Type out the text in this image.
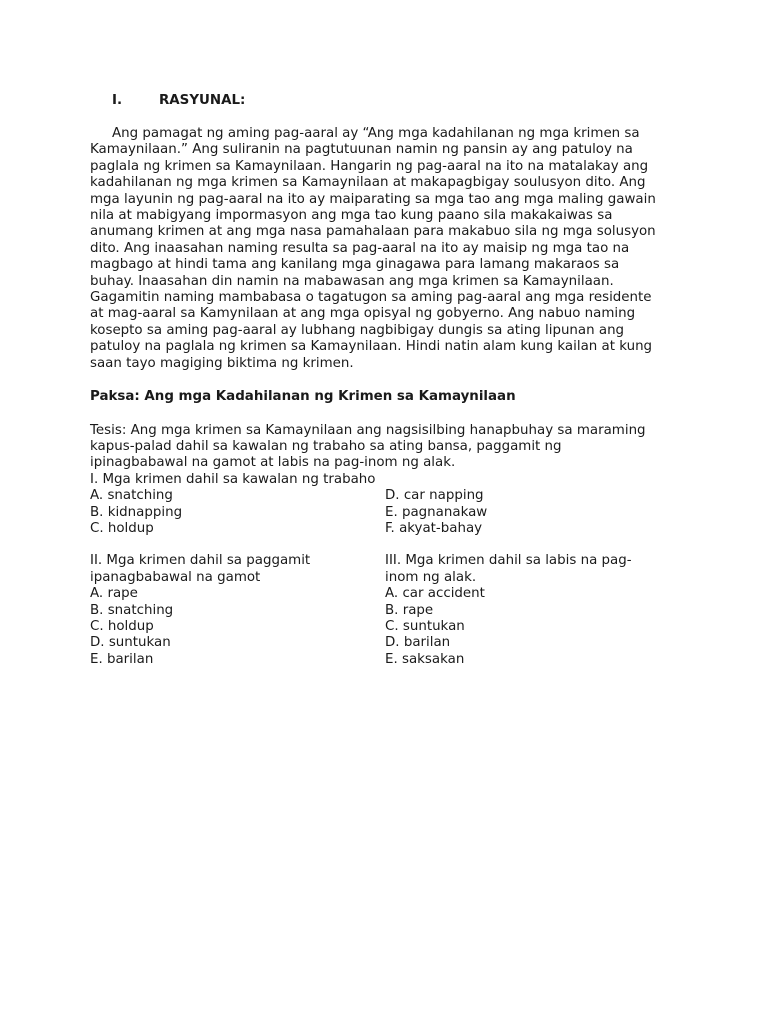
I.	RASYUNAL:

Ang pamagat ng aming pag-aaral ay “Ang mga kadahilanan ng mga krimen sa
Kamaynilaan.” Ang suliranin na pagtutuunan namin ng pansin ay ang patuloy na
paglala ng krimen sa Kamaynilaan. Hangarin ng pag-aaral na ito na matalakay ang
kadahilanan ng mga krimen sa Kamaynilaan at makapagbigay soulusyon dito. Ang
mga layunin ng pag-aaral na ito ay maiparating sa mga tao ang mga maling gawain
nila at mabigyang impormasyon ang mga tao kung paano sila makakaiwas sa
anumang krimen at ang mga nasa pamahalaan para makabuo sila ng mga solusyon
dito. Ang inaasahan naming resulta sa pag-aaral na ito ay maisip ng mga tao na
magbago at hindi tama ang kanilang mga ginagawa para lamang makaraos sa
buhay. Inaasahan din namin na mabawasan ang mga krimen sa Kamaynilaan.
Gagamitin naming mambabasa o tagatugon sa aming pag-aaral ang mga residente
at mag-aaral sa Kamynilaan at ang mga opisyal ng gobyerno. Ang nabuo naming
kosepto sa aming pag-aaral ay lubhang nagbibigay dungis sa ating lipunan ang
patuloy na paglala ng krimen sa Kamaynilaan. Hindi natin alam kung kailan at kung
saan tayo magiging biktima ng krimen.

Paksa: Ang mga Kadahilanan ng Krimen sa Kamaynilaan

Tesis: Ang mga krimen sa Kamaynilaan ang nagsisilbing hanapbuhay sa maraming
kapus-palad dahil sa kawalan ng trabaho sa ating bansa, paggamit ng
ipinagbabawal na gamot at labis na pag-inom ng alak.

I. Mga krimen dahil sa kawalan ng trabaho

A. snatching
B. kidnapping
C. holdup

D. car napping
E. pagnanakaw
F. akyat-bahay

II. Mga krimen dahil sa paggamit
ipanagbabawal na gamot
A. rape
B. snatching
C. holdup
D. suntukan
E. barilan

III. Mga krimen dahil sa labis na pag-
inom ng alak.
A. car accident
B. rape
C. suntukan
D. barilan
E. saksakan
